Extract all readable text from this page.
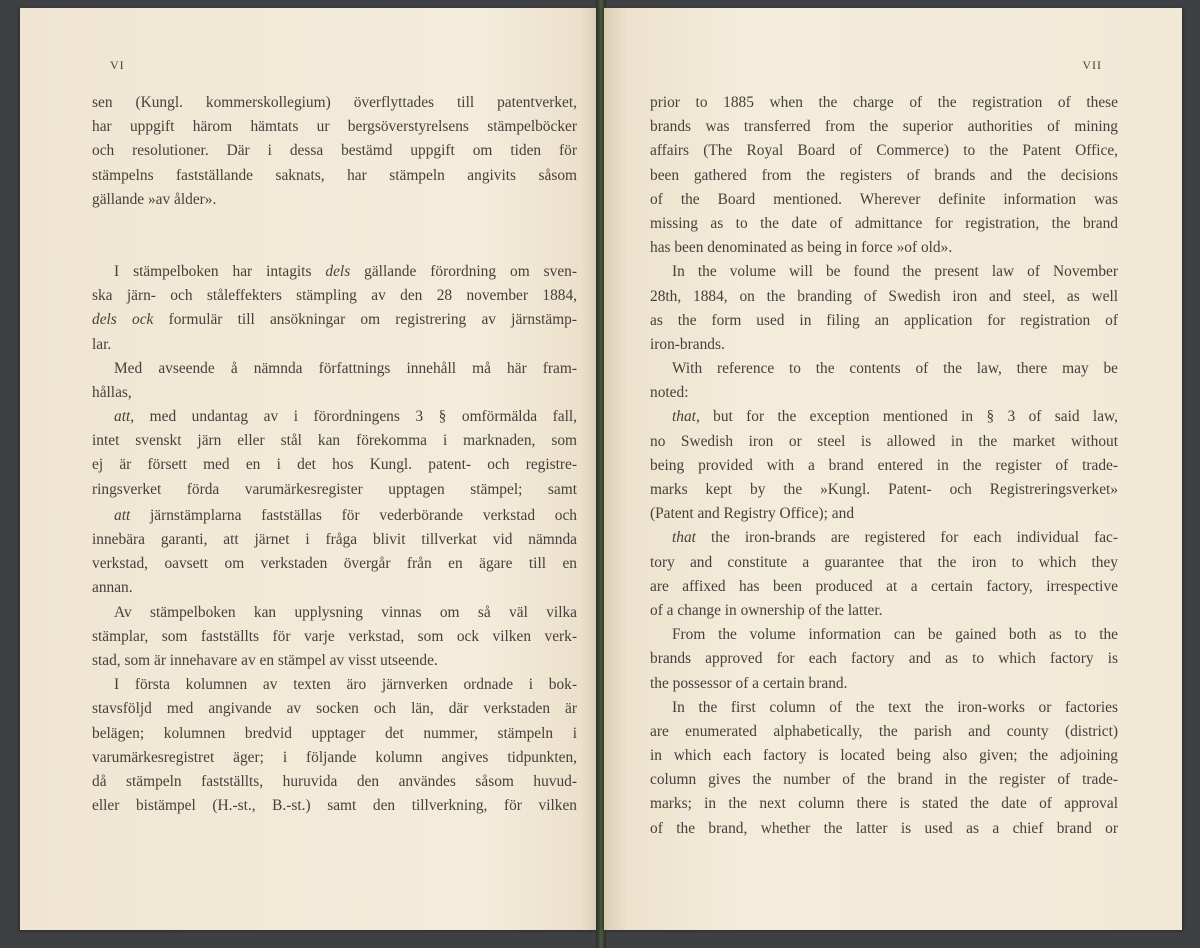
VI
sen (Kungl. kommerskollegium) överflyttades till patentverket,
har uppgift härom hämtats ur bergsöverstyrelsens stämpelböcker
och resolutioner. Där i dessa bestämd uppgift om tiden för
stämpelns fastställande saknats, har stämpeln angivits såsom
gällande »av ålder».
I stämpelboken har intagits dels gällande förordning om sven-
ska järn- och ståleffekters stämpling av den 28 november 1884,
dels ock formulär till ansökningar om registrering av järnstämp-
lar.
Med avseende å nämnda författnings innehåll må här fram-
hållas,
att, med undantag av i förordningens 3 § omförmälda fall,
intet svenskt järn eller stål kan förekomma i marknaden, som
ej är försett med en i det hos Kungl. patent- och registre-
ringsverket förda varumärkesregister upptagen stämpel; samt
att järnstämplarna fastställas för vederbörande verkstad och
innebära garanti, att järnet i fråga blivit tillverkat vid nämnda
verkstad, oavsett om verkstaden övergår från en ägare till en
annan.
Av stämpelboken kan upplysning vinnas om så väl vilka
stämplar, som fastställts för varje verkstad, som ock vilken verk-
stad, som är innehavare av en stämpel av visst utseende.
I första kolumnen av texten äro järnverken ordnade i bok-
stavsföljd med angivande av socken och län, där verkstaden är
belägen; kolumnen bredvid upptager det nummer, stämpeln i
varumärkesregistret äger; i följande kolumn angives tidpunkten,
då stämpeln fastställts, huruvida den användes såsom huvud-
eller bistämpel (H.-st., B.-st.) samt den tillverkning, för vilken
VII
prior to 1885 when the charge of the registration of these
brands was transferred from the superior authorities of mining
affairs (The Royal Board of Commerce) to the Patent Office,
been gathered from the registers of brands and the decisions
of the Board mentioned. Wherever definite information was
missing as to the date of admittance for registration, the brand
has been denominated as being in force »of old».
In the volume will be found the present law of November
28th, 1884, on the branding of Swedish iron and steel, as well
as the form used in filing an application for registration of
iron-brands.
With reference to the contents of the law, there may be
noted:
that, but for the exception mentioned in § 3 of said law,
no Swedish iron or steel is allowed in the market without
being provided with a brand entered in the register of trade-
marks kept by the »Kungl. Patent- och Registreringsverket»
(Patent and Registry Office); and
that the iron-brands are registered for each individual fac-
tory and constitute a guarantee that the iron to which they
are affixed has been produced at a certain factory, irrespective
of a change in ownership of the latter.
From the volume information can be gained both as to the
brands approved for each factory and as to which factory is
the possessor of a certain brand.
In the first column of the text the iron-works or factories
are enumerated alphabetically, the parish and county (district)
in which each factory is located being also given; the adjoining
column gives the number of the brand in the register of trade-
marks; in the next column there is stated the date of approval
of the brand, whether the latter is used as a chief brand or
